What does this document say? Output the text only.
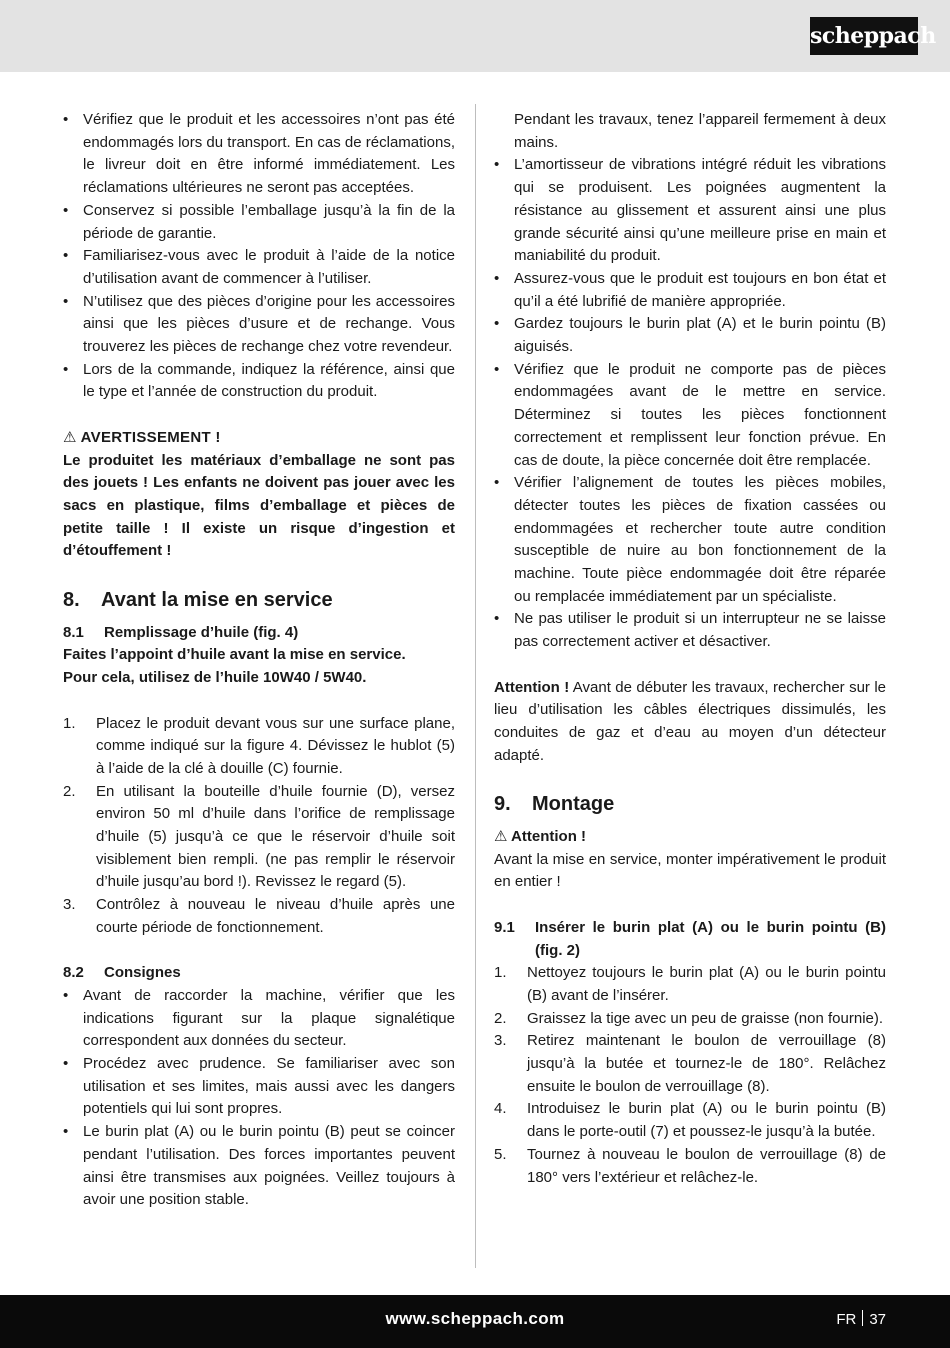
scheppach
• Vérifiez que le produit et les accessoires n’ont pas été endommagés lors du transport. En cas de réclamations, le livreur doit en être informé immédiatement. Les réclamations ultérieures ne seront pas acceptées.
• Conservez si possible l’emballage jusqu’à la fin de la période de garantie.
• Familiarisez-vous avec le produit à l’aide de la notice d’utilisation avant de commencer à l’utiliser.
• N’utilisez que des pièces d’origine pour les accessoires ainsi que les pièces d’usure et de rechange. Vous trouverez les pièces de rechange chez votre revendeur.
• Lors de la commande, indiquez la référence, ainsi que le type et l’année de construction du produit.

⚠ AVERTISSEMENT !

Le produitet les matériaux d’emballage ne sont pas des jouets ! Les enfants ne doivent pas jouer avec les sacs en plastique, films d’emballage et pièces de petite taille ! Il existe un risque d’ingestion et d’étouffement !

8. Avant la mise en service

8.1 Remplissage d’huile (fig. 4)

Faites l’appoint d’huile avant la mise en service.

Pour cela, utilisez de l’huile 10W40 / 5W40.

1. Placez le produit devant vous sur une surface plane, comme indiqué sur la figure 4. Dévissez le hublot (5) à l’aide de la clé à douille (C) fournie.
2. En utilisant la bouteille d’huile fournie (D), versez environ 50 ml d’huile dans l’orifice de remplissage d’huile (5) jusqu’à ce que le réservoir d’huile soit visiblement bien rempli. (ne pas remplir le réservoir d’huile jusqu’au bord !). Revissez le regard (5).
3. Contrôlez à nouveau le niveau d’huile après une courte période de fonctionnement.

8.2 Consignes

• Avant de raccorder la machine, vérifier que les indications figurant sur la plaque signalétique correspondent aux données du secteur.
• Procédez avec prudence. Se familiariser avec son utilisation et ses limites, mais aussi avec les dangers potentiels qui lui sont propres.
• Le burin plat (A) ou le burin pointu (B) peut se coincer pendant l’utilisation. Des forces importantes peuvent ainsi être transmises aux poignées. Veillez toujours à avoir une position stable.

Pendant les travaux, tenez l’appareil fermement à deux mains.

• L’amortisseur de vibrations intégré réduit les vibrations qui se produisent. Les poignées augmentent la résistance au glissement et assurent ainsi une plus grande sécurité ainsi qu’une meilleure prise en main et maniabilité du produit.
• Assurez-vous que le produit est toujours en bon état et qu’il a été lubrifié de manière appropriée.
• Gardez toujours le burin plat (A) et le burin pointu (B) aiguisés.
• Vérifiez que le produit ne comporte pas de pièces endommagées avant de le mettre en service. Déterminez si toutes les pièces fonctionnent correctement et remplissent leur fonction prévue. En cas de doute, la pièce concernée doit être remplacée.
• Vérifier l’alignement de toutes les pièces mobiles, détecter toutes les pièces de fixation cassées ou endommagées et rechercher toute autre condition susceptible de nuire au bon fonctionnement de la machine. Toute pièce endommagée doit être réparée ou remplacée immédiatement par un spécialiste.
• Ne pas utiliser le produit si un interrupteur ne se laisse pas correctement activer et désactiver.

Attention ! Avant de débuter les travaux, rechercher sur le lieu d’utilisation les câbles électriques dissimulés, les conduites de gaz et d’eau au moyen d’un détecteur adapté.

9. Montage

⚠ Attention !

Avant la mise en service, monter impérativement le produit en entier !

9.1 Insérer le burin plat (A) ou le burin pointu (B) (fig. 2)

1. Nettoyez toujours le burin plat (A) ou le burin pointu (B) avant de l’insérer.
2. Graissez la tige avec un peu de graisse (non fournie).
3. Retirez maintenant le boulon de verrouillage (8) jusqu’à la butée et tournez-le de 180°. Relâchez ensuite le boulon de verrouillage (8).
4. Introduisez le burin plat (A) ou le burin pointu (B) dans le porte-outil (7) et poussez-le jusqu’à la butée.
5. Tournez à nouveau le boulon de verrouillage (8) de 180° vers l’extérieur et relâchez-le.
www.scheppach.com	FR 37
